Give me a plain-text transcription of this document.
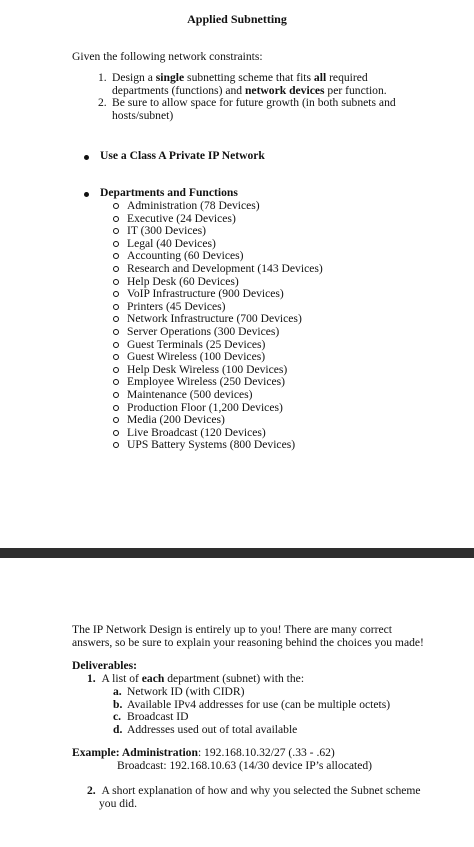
Applied Subnetting
Given the following network constraints:
1. Design a single subnetting scheme that fits all required
departments (functions) and network devices per function.
2. Be sure to allow space for future growth (in both subnets and
hosts/subnet)
Use a Class A Private IP Network
Departments and Functions
Administration (78 Devices)
Executive (24 Devices)
IT (300 Devices)
Legal (40 Devices)
Accounting (60 Devices)
Research and Development (143 Devices)
Help Desk (60 Devices)
VoIP Infrastructure (900 Devices)
Printers (45 Devices)
Network Infrastructure (700 Devices)
Server Operations (300 Devices)
Guest Terminals (25 Devices)
Guest Wireless (100 Devices)
Help Desk Wireless (100 Devices)
Employee Wireless (250 Devices)
Maintenance (500 devices)
Production Floor (1,200 Devices)
Media (200 Devices)
Live Broadcast (120 Devices)
UPS Battery Systems (800 Devices)
The IP Network Design is entirely up to you! There are many correct
answers, so be sure to explain your reasoning behind the choices you made!
Deliverables:
1. A list of each department (subnet) with the:
a. Network ID (with CIDR)
b. Available IPv4 addresses for use (can be multiple octets)
c. Broadcast ID
d. Addresses used out of total available
Example: Administration: 192.168.10.32/27 (.33 - .62)
Broadcast: 192.168.10.63 (14/30 device IP’s allocated)
2. A short explanation of how and why you selected the Subnet scheme
you did.
